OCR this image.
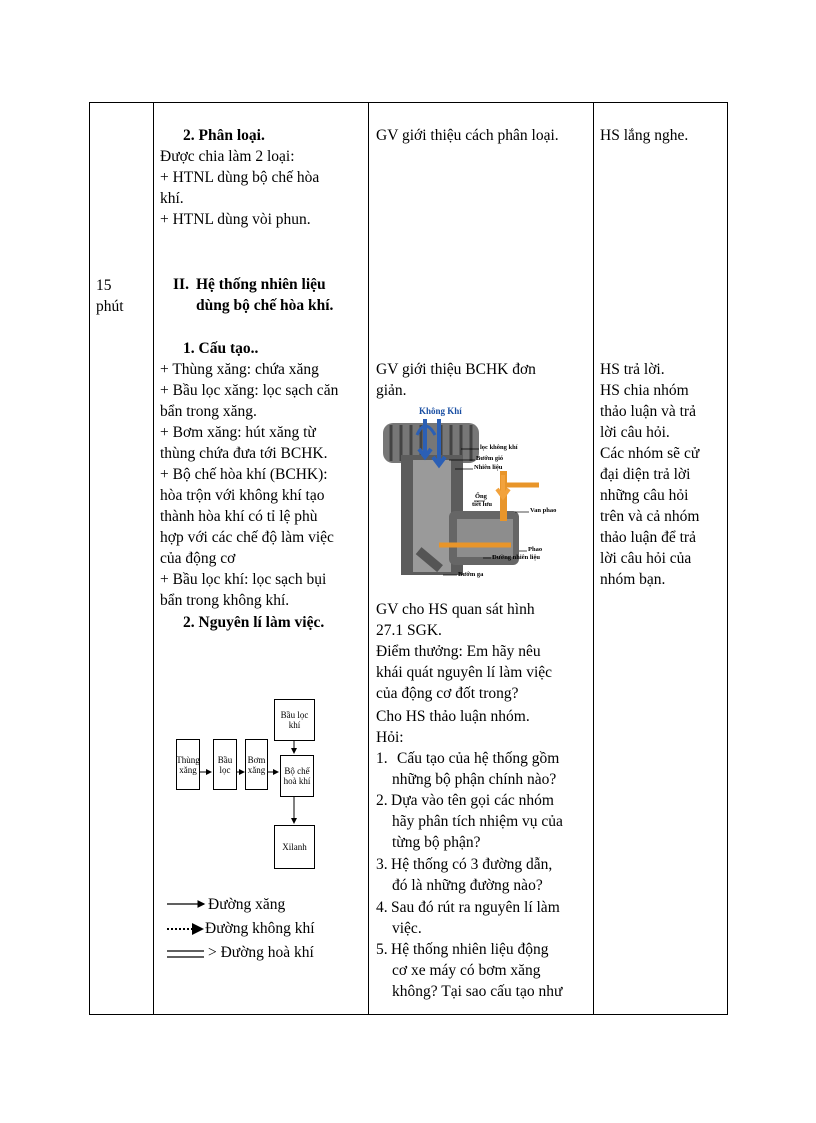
15
phút
2. Phân loại.
Được chia làm 2 loại:
+ HTNL dùng bộ chế hòa
khí.
+ HTNL dùng vòi phun.
II. Hệ thống nhiên liệu
dùng bộ chế hòa khí.
1. Cấu tạo..
+ Thùng xăng: chứa xăng
+ Bầu lọc xăng: lọc sạch căn
bẩn trong xăng.
+ Bơm xăng: hút xăng từ
thùng chứa đưa tới BCHK.
+ Bộ chế hòa khí (BCHK):
hòa trộn với không khí tạo
thành hòa khí có tỉ lệ phù
hợp với các chế độ làm việc
của động cơ
+ Bầu lọc khí: lọc sạch bụi
bẩn trong không khí.
2. Nguyên lí làm việc.
Thùng
xăng
Bầu
lọc
Bơm
xăng
Bầu lọc
khí
Bộ chế
hoà khí
Xilanh
Đường xăng
Đường không khí
> Đường hoà khí
GV giới thiệu cách phân loại.
GV giới thiệu BCHK đơn
giản.
Không Khí
lọc không khí
Bướm gió
Nhiên liệu
Ống
tiết lưu
Van phao
Phao
Đường nhiên liệu
Bướm ga
GV cho HS quan sát hình
27.1 SGK.
Điểm thưởng: Em hãy nêu
khái quát nguyên lí làm việc
của động cơ đốt trong?
Cho HS thảo luận nhóm.
Hỏi:
1. Cấu tạo của hệ thống gồm
những bộ phận chính nào?
2. Dựa vào tên gọi các nhóm
hãy phân tích nhiệm vụ của
từng bộ phận?
3. Hệ thống có 3 đường dẫn,
đó là những đường nào?
4. Sau đó rút ra nguyên lí làm
việc.
5. Hệ thống nhiên liệu động
cơ xe máy có bơm xăng
không? Tại sao cấu tạo như
HS lắng nghe.
HS trả lời.
HS chia nhóm
thảo luận và trả
lời câu hỏi.
Các nhóm sẽ cử
đại diện trả lời
những câu hỏi
trên và cả nhóm
thảo luận để trả
lời câu hỏi của
nhóm bạn.
